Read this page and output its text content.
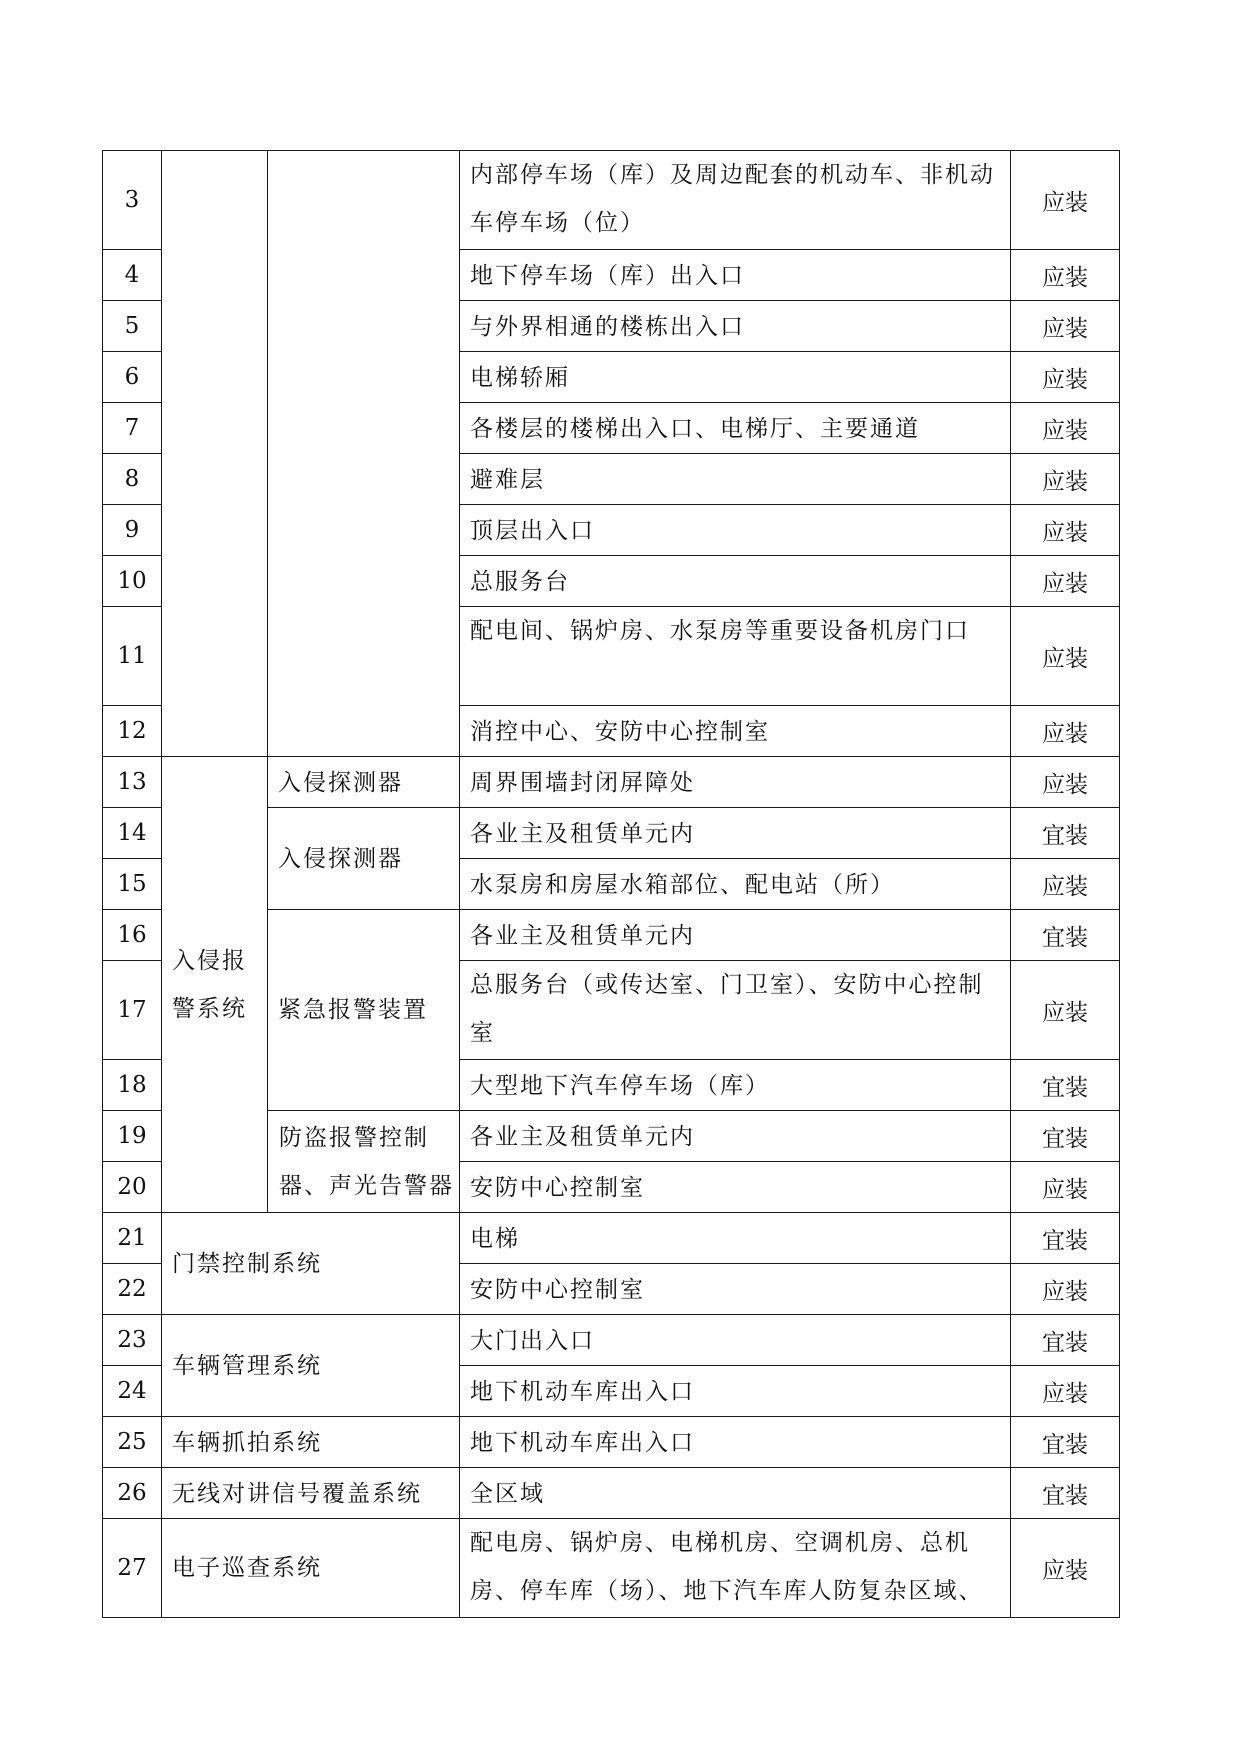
3			内部停车场（库）及周边配套的机动车、非机动车停车场（位）	应装
4			地下停车场（库）出入口	应装
5			与外界相通的楼栋出入口	应装
6			电梯轿厢	应装
7			各楼层的楼梯出入口、电梯厅、主要通道	应装
8			避难层	应装
9			顶层出入口	应装
10			总服务台	应装
11			配电间、锅炉房、水泵房等重要设备机房门口	应装
12			消控中心、安防中心控制室	应装
13	入侵报警系统	入侵探测器	周界围墙封闭屏障处	应装
14		入侵探测器	各业主及租赁单元内	宜装
15			水泵房和房屋水箱部位、配电站（所）	应装
16		紧急报警装置	各业主及租赁单元内	宜装
17			总服务台（或传达室、门卫室）、安防中心控制室	应装
18			大型地下汽车停车场（库）	宜装
19		防盗报警控制器、声光告警器	各业主及租赁单元内	宜装
20			安防中心控制室	应装
21	门禁控制系统		电梯	宜装
22			安防中心控制室	应装
23	车辆管理系统		大门出入口	宜装
24			地下机动车库出入口	应装
25	车辆抓拍系统		地下机动车库出入口	宜装
26	无线对讲信号覆盖系统		全区域	宜装
27	电子巡查系统		配电房、锅炉房、电梯机房、空调机房、总机房、停车库（场）、地下汽车库人防复杂区域、	应装
